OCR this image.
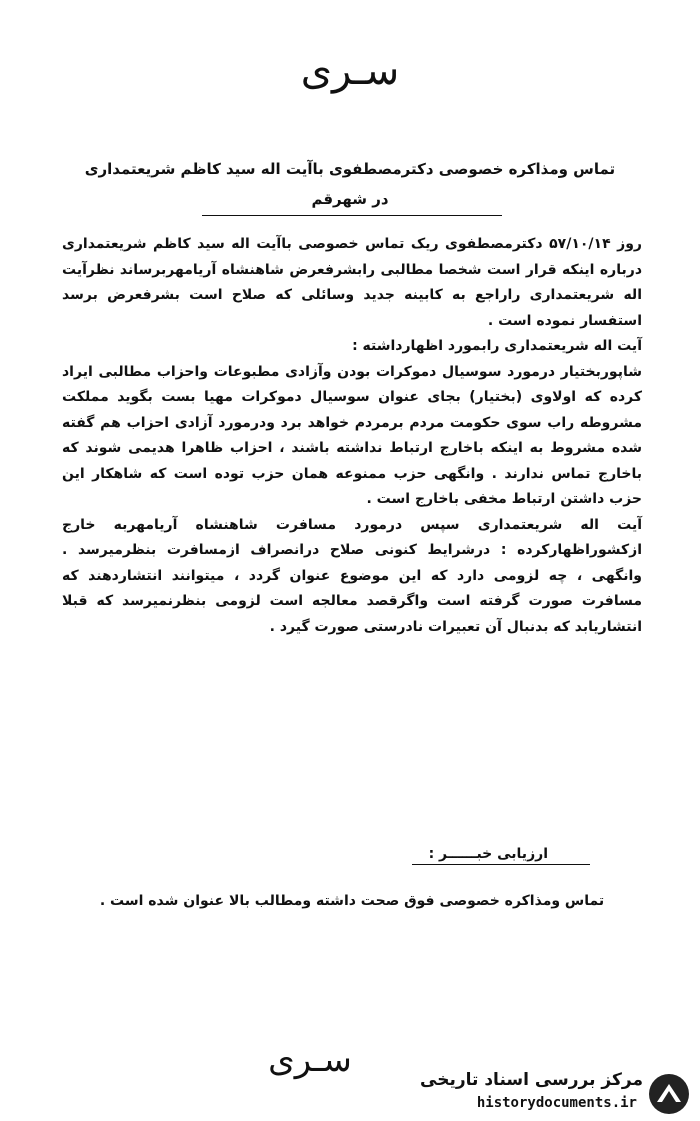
سـری
تماس ومذاکره خصوصی دکترمصطفوی باآیت اله سید کاظم شریعتمداری
در شهرقم

روز ۵۷/۱۰/۱۴ دکترمصطفوی ریک تماس خصوصی باآیت اله سید کاظم شریعتمداری درباره اینکه قرار است شخصا مطالبی رابشرفعرض شاهنشاه آریامهربرساند نظرآیت اله شریعتمداری راراجع به کابینه جدید وسائلی که صلاح است بشرفعرض برسد استفسار نموده است .

آیت اله شریعتمداری رابمورد اظهارداشته :

شاپوربختیار درمورد سوسیال دموکرات بودن وآزادی مطبوعات واحزاب مطالبی ایراد کرده که اولاوی (بختیار) بجای عنوان سوسیال دموکرات مهیا بست بگوید مملکت مشروطه راب سوی حکومت مردم برمردم خواهد برد ودرمورد آزادی احزاب هم گفته شده مشروط به اینکه باخارج ارتباط نداشته باشند ، احزاب ظاهرا هدیمی شوند که باخارج تماس ندارند . وانگهی حزب ممنوعه همان حزب توده است که شاهکار این حزب داشتن ارتباط مخفی باخارج است .

آیت اله شریعتمداری سپس درمورد مسافرت شاهنشاه آریامهربه خارج ازکشوراظهارکرده : درشرایط کنونی صلاح درانصراف ازمسافرت بنظرمیرسد . وانگهی ، چه لزومی دارد که این موضوع عنوان گردد ، میتوانند انتشاردهند که مسافرت صورت گرفته است واگرقصد معالجه است لزومی بنظرنمیرسد که قبلا انتشاریابد که بدنبال آن تعبیرات نادرستی صورت گیرد .

ارزیابی خبــــــر :
تماس ومذاکره خصوصی فوق صحت داشته ومطالب بالا عنوان شده است .
سـری	مرکز بررسی اسناد تاریخی
historydocuments.ir
